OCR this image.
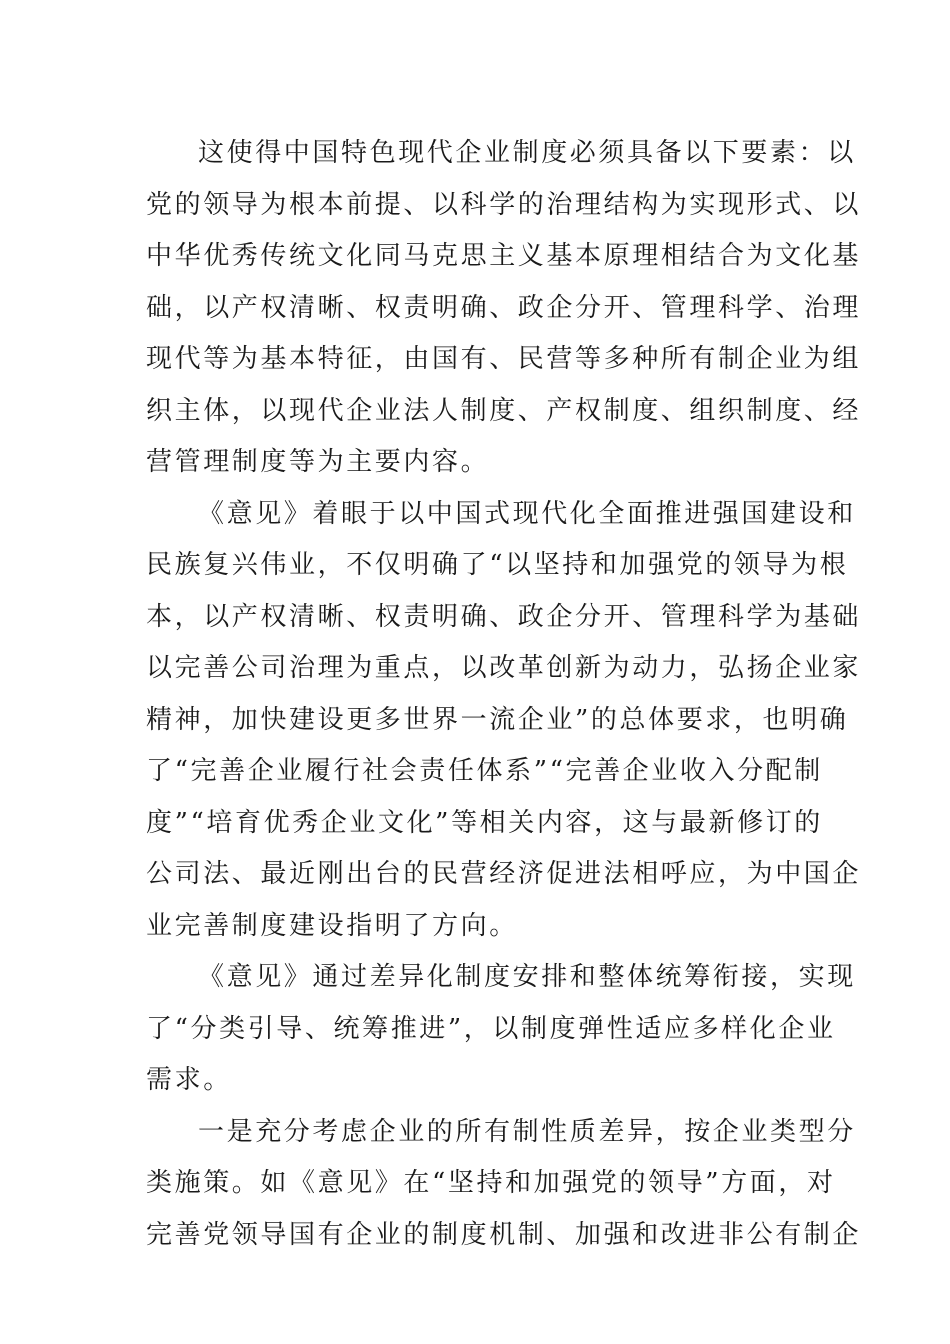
这使得中国特色现代企业制度必须具备以下要素：以
党的领导为根本前提、以科学的治理结构为实现形式、以
中华优秀传统文化同马克思主义基本原理相结合为文化基
础，以产权清晰、权责明确、政企分开、管理科学、治理
现代等为基本特征，由国有、民营等多种所有制企业为组
织主体，以现代企业法人制度、产权制度、组织制度、经
营管理制度等为主要内容。
《意见》着眼于以中国式现代化全面推进强国建设和
民族复兴伟业，不仅明确了“以坚持和加强党的领导为根
本，以产权清晰、权责明确、政企分开、管理科学为基础
以完善公司治理为重点，以改革创新为动力，弘扬企业家
精神，加快建设更多世界一流企业”的总体要求，也明确
了“完善企业履行社会责任体系”“完善企业收入分配制
度”“培育优秀企业文化”等相关内容，这与最新修订的
公司法、最近刚出台的民营经济促进法相呼应，为中国企
业完善制度建设指明了方向。
《意见》通过差异化制度安排和整体统筹衔接，实现
了“分类引导、统筹推进”，以制度弹性适应多样化企业
需求。
一是充分考虑企业的所有制性质差异，按企业类型分
类施策。如《意见》在“坚持和加强党的领导”方面，对
完善党领导国有企业的制度机制、加强和改进非公有制企
